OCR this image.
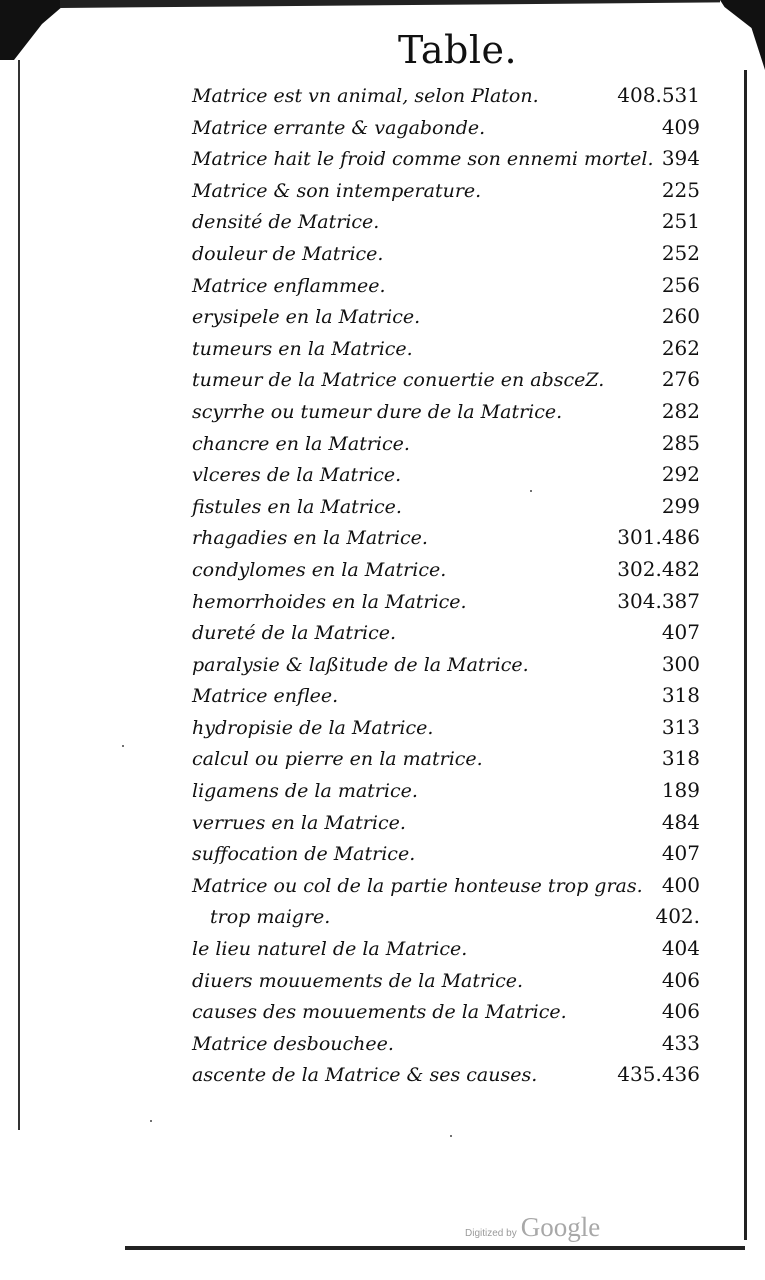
Table.
Matrice est vn animal, selon Platon.	408.531
Matrice errante & vagabonde.	409
Matrice hait le froid comme son ennemi mortel. 394
Matrice & son intemperature.	225
densité de Matrice.	251
douleur de Matrice.	252
Matrice enflammee.	256
erysipele en la Matrice.	260
tumeurs en la Matrice.	262
tumeur de la Matrice conuertie en absceZ.	276
scyrrhe ou tumeur dure de la Matrice.	282
chancre en la Matrice.	285
vlceres de la Matrice.	292
fistules en la Matrice.	299
rhagadies en la Matrice.	301.486
condylomes en la Matrice.	302.482
hemorrhoides en la Matrice.	304.387
dureté de la Matrice.	407
paralysie & laßitude de la Matrice.	300
Matrice enflee.	318
hydropisie de la Matrice.	313
calcul ou pierre en la matrice.	318
ligamens de la matrice.	189
verrues en la Matrice.	484
suffocation de Matrice.	407
Matrice ou col de la partie honteuse trop gras. 400
trop maigre.	402.
le lieu naturel de la Matrice.	404
diuers mouuements de la Matrice.	406
causes des mouuements de la Matrice.	406
Matrice desbouchee.	433
ascente de la Matrice & ses causes.	435.436
Digitized by Google
